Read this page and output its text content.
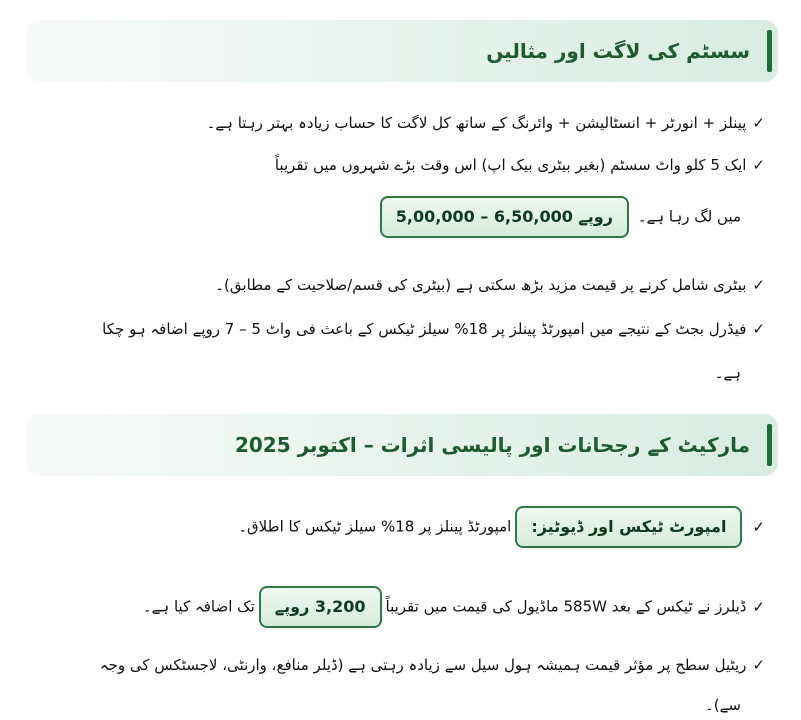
سسٹم کی لاگت اور مثالیں
✓پینلز + انورٹر + انسٹالیشن + وائرنگ کے ساتھ کل لاگت کا حساب زیادہ بہتر رہتا ہے۔
✓ایک 5 کلو واٹ سسٹم (بغیر بیٹری بیک اپ) اس وقت بڑے شہروں میں تقریباً
میں لگ رہا ہے۔ 5,00,000 – 6,50,000 روپے
✓بیٹری شامل کرنے پر قیمت مزید بڑھ سکتی ہے (بیٹری کی قسم/صلاحیت کے مطابق)۔
✓فیڈرل بجٹ کے نتیجے میں امپورٹڈ پینلز پر 18% سیلز ٹیکس کے باعث فی واٹ 5 – 7 روپے اضافہ ہو چکا
ہے۔
مارکیٹ کے رجحانات اور پالیسی اثرات – اکتوبر 2025
✓امپورٹ ٹیکس اور ڈیوٹیز:امپورٹڈ پینلز پر 18% سیلز ٹیکس کا اطلاق۔
✓ڈیلرز نے ٹیکس کے بعد 585W ماڈیول کی قیمت میں تقریباً3,200 روپےتک اضافہ کیا ہے۔
✓ریٹیل سطح پر مؤثر قیمت ہمیشہ ہول سیل سے زیادہ رہتی ہے (ڈیلر منافع، وارنٹی، لاجسٹکس کی وجہ
سے)۔
